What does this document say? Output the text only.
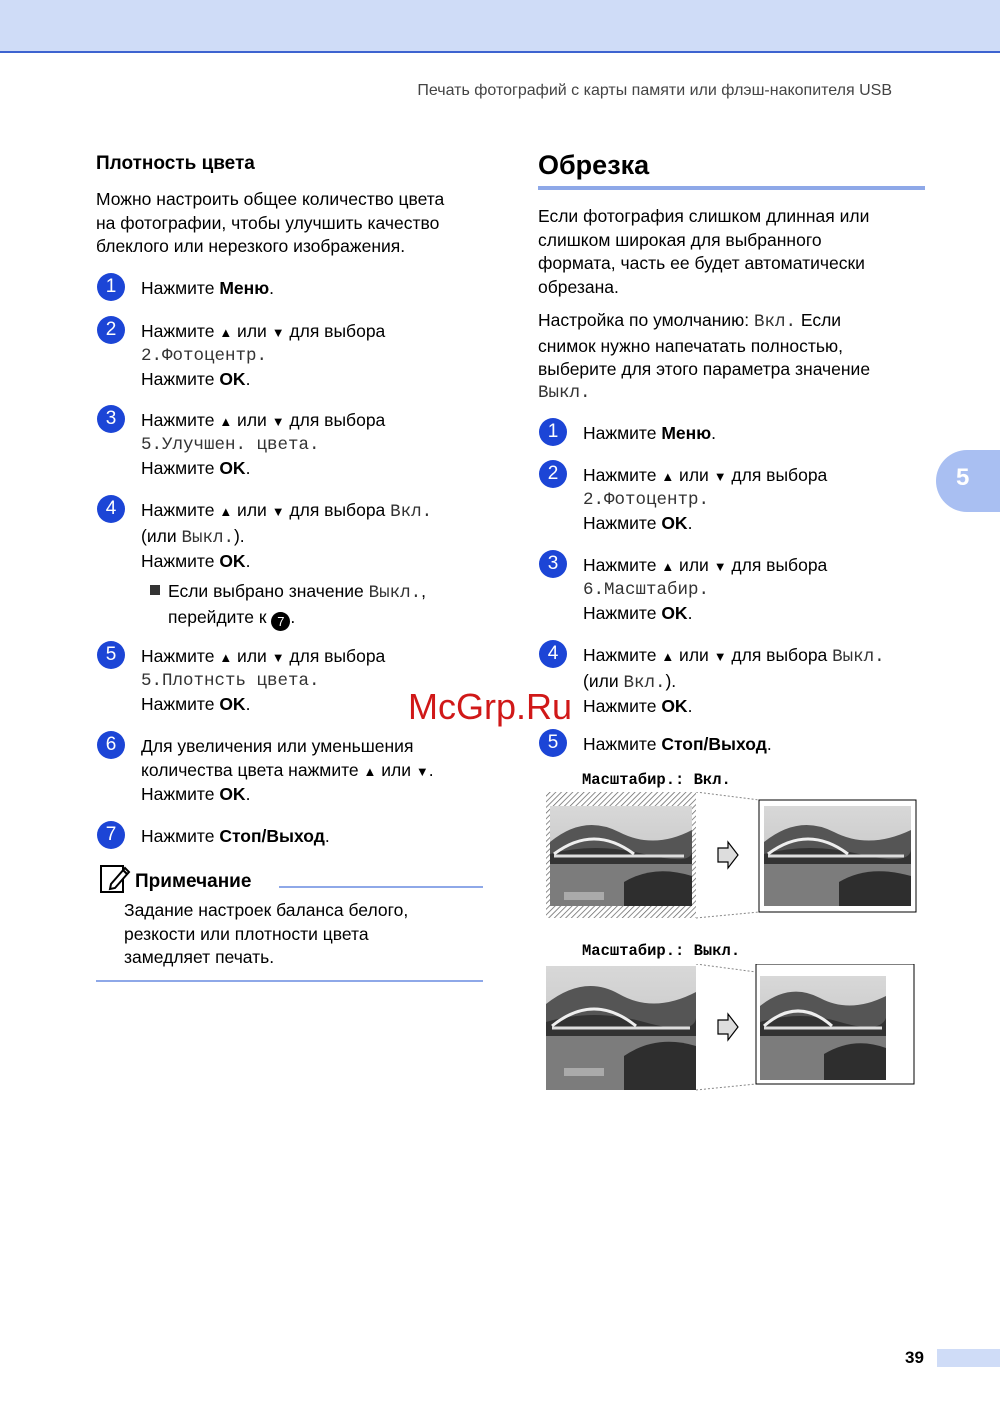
Печать фотографий с карты памяти или флэш-накопителя USB
5
Плотность цвета

Можно настроить общее количество цвета

на фотографии, чтобы улучшить качество

блеклого или нерезкого изображения.

1	Нажмите Меню.
2	Нажмите ▲ или ▼ для выбора

2.Фотоцентр.

Нажмите OK.

3	Нажмите ▲ или ▼ для выбора

5.Улучшен. цвета.

Нажмите OK.

4	Нажмите ▲ или ▼ для выбора Вкл.

(или Выкл.).

Нажмите OK.

Если выбрано значение Выкл.,

перейдите к 7 .

5	Нажмите ▲ или ▼ для выбора

5.Плотнсть цвета.

Нажмите OK.

6	Для увеличения или уменьшения

количества цвета нажмите ▲ или ▼.

Нажмите OK.

7	Нажмите Стоп/Выход.
Примечание

Задание настроек баланса белого,

резкости или плотности цвета

замедляет печать.

Обрезка

Если фотография слишком длинная или

слишком широкая для выбранного

формата, часть ее будет автоматически

обрезана.

Настройка по умолчанию: Вкл. Если

снимок нужно напечатать полностью,

выберите для этого параметра значение

Выкл.

1	Нажмите Меню.
2	Нажмите ▲ или ▼ для выбора

2.Фотоцентр.

Нажмите OK.

3	Нажмите ▲ или ▼ для выбора

6.Масштабир.

Нажмите OK.

4	Нажмите ▲ или ▼ для выбора Выкл.

(или Вкл.).

Нажмите OK.

5	Нажмите Стоп/Выход.
Масштабир.: Вкл.
Масштабир.: Выкл.
McGrp.Ru
39
